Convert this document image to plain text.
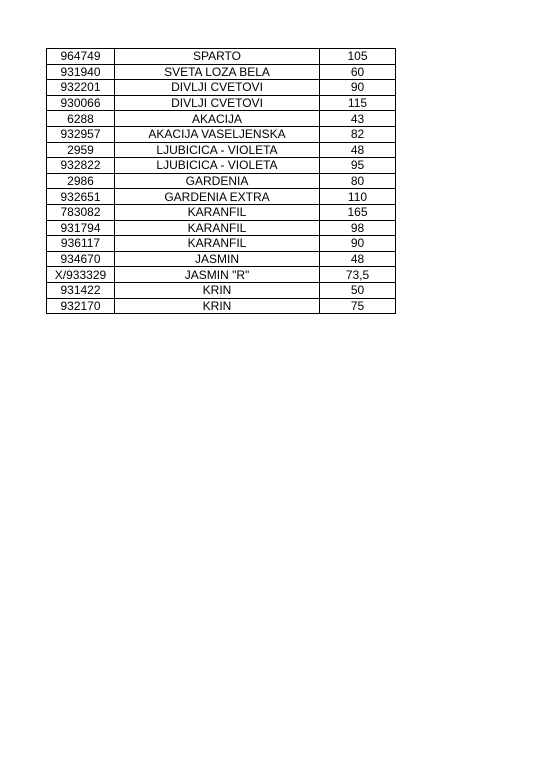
964749	SPARTO	105
931940	SVETA LOZA BELA	60
932201	DIVLJI CVETOVI	90
930066	DIVLJI CVETOVI	115
6288	AKACIJA	43
932957	AKACIJA VASELJENSKA	82
2959	LJUBICICA - VIOLETA	48
932822	LJUBICICA - VIOLETA	95
2986	GARDENIA	80
932651	GARDENIA EXTRA	110
783082	KARANFIL	165
931794	KARANFIL	98
936117	KARANFIL	90
934670	JASMIN	48
X/933329	JASMIN "R"	73,5
931422	KRIN	50
932170	KRIN	75
